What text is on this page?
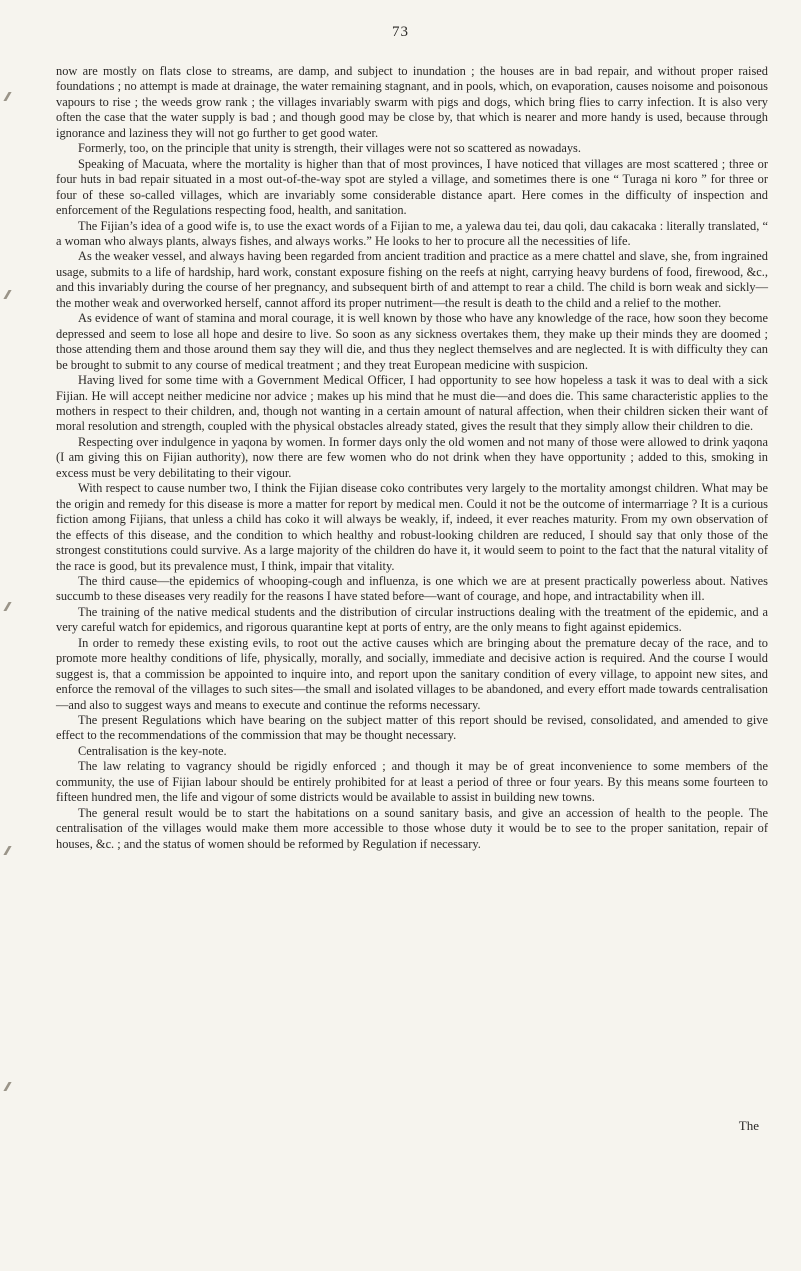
73

now are mostly on flats close to streams, are damp, and subject to inundation ; the houses are in bad repair, and without proper raised foundations ; no attempt is made at drainage, the water remaining stagnant, and in pools, which, on evaporation, causes noisome and poisonous vapours to rise ; the weeds grow rank ; the villages invariably swarm with pigs and dogs, which bring flies to carry infection. It is also very often the case that the water supply is bad ; and though good may be close by, that which is nearer and more handy is used, because through ignorance and laziness they will not go further to get good water.

Formerly, too, on the principle that unity is strength, their villages were not so scattered as nowadays.

Speaking of Macuata, where the mortality is higher than that of most provinces, I have noticed that villages are most scattered ; three or four huts in bad repair situated in a most out-of-the-way spot are styled a village, and sometimes there is one “ Turaga ni koro ” for three or four of these so-called villages, which are invariably some considerable distance apart. Here comes in the difficulty of inspection and enforcement of the Regulations respecting food, health, and sanitation.

The Fijian’s idea of a good wife is, to use the exact words of a Fijian to me, a yalewa dau tei, dau qoli, dau cakacaka : literally translated, “ a woman who always plants, always fishes, and always works.” He looks to her to procure all the necessities of life.

As the weaker vessel, and always having been regarded from ancient tradition and practice as a mere chattel and slave, she, from ingrained usage, submits to a life of hardship, hard work, constant exposure fishing on the reefs at night, carrying heavy burdens of food, firewood, &c., and this invariably during the course of her pregnancy, and subsequent birth of and attempt to rear a child. The child is born weak and sickly—the mother weak and overworked herself, cannot afford its proper nutriment—the result is death to the child and a relief to the mother.

As evidence of want of stamina and moral courage, it is well known by those who have any knowledge of the race, how soon they become depressed and seem to lose all hope and desire to live. So soon as any sickness overtakes them, they make up their minds they are doomed ; those attending them and those around them say they will die, and thus they neglect themselves and are neglected. It is with difficulty they can be brought to submit to any course of medical treatment ; and they treat European medicine with suspicion.

Having lived for some time with a Government Medical Officer, I had opportunity to see how hopeless a task it was to deal with a sick Fijian. He will accept neither medicine nor advice ; makes up his mind that he must die—and does die. This same characteristic applies to the mothers in respect to their children, and, though not wanting in a certain amount of natural affection, when their children sicken their want of moral resolution and strength, coupled with the physical obstacles already stated, gives the result that they simply allow their children to die.

Respecting over indulgence in yaqona by women. In former days only the old women and not many of those were allowed to drink yaqona (I am giving this on Fijian authority), now there are few women who do not drink when they have opportunity ; added to this, smoking in excess must be very debilitating to their vigour.

With respect to cause number two, I think the Fijian disease coko contributes very largely to the mortality amongst children. What may be the origin and remedy for this disease is more a matter for report by medical men. Could it not be the outcome of intermarriage ? It is a curious fiction among Fijians, that unless a child has coko it will always be weakly, if, indeed, it ever reaches maturity. From my own observation of the effects of this disease, and the condition to which healthy and robust-looking children are reduced, I should say that only those of the strongest constitutions could survive. As a large majority of the children do have it, it would seem to point to the fact that the natural vitality of the race is good, but its prevalence must, I think, impair that vitality.

The third cause—the epidemics of whooping-cough and influenza, is one which we are at present practically powerless about. Natives succumb to these diseases very readily for the reasons I have stated before—want of courage, and hope, and intractability when ill.

The training of the native medical students and the distribution of circular instructions dealing with the treatment of the epidemic, and a very careful watch for epidemics, and rigorous quarantine kept at ports of entry, are the only means to fight against epidemics.

In order to remedy these existing evils, to root out the active causes which are bringing about the premature decay of the race, and to promote more healthy conditions of life, physically, morally, and socially, immediate and decisive action is required. And the course I would suggest is, that a commission be appointed to inquire into, and report upon the sanitary condition of every village, to appoint new sites, and enforce the removal of the villages to such sites—the small and isolated villages to be abandoned, and every effort made towards centralisation—and also to suggest ways and means to execute and continue the reforms necessary.

The present Regulations which have bearing on the subject matter of this report should be revised, consolidated, and amended to give effect to the recommendations of the commission that may be thought necessary.

Centralisation is the key-note.

The law relating to vagrancy should be rigidly enforced ; and though it may be of great inconvenience to some members of the community, the use of Fijian labour should be entirely prohibited for at least a period of three or four years. By this means some fourteen to fifteen hundred men, the life and vigour of some districts would be available to assist in building new towns.

The general result would be to start the habitations on a sound sanitary basis, and give an accession of health to the people. The centralisation of the villages would make them more accessible to those whose duty it would be to see to the proper sanitation, repair of houses, &c. ; and the status of women should be reformed by Regulation if necessary.

The
